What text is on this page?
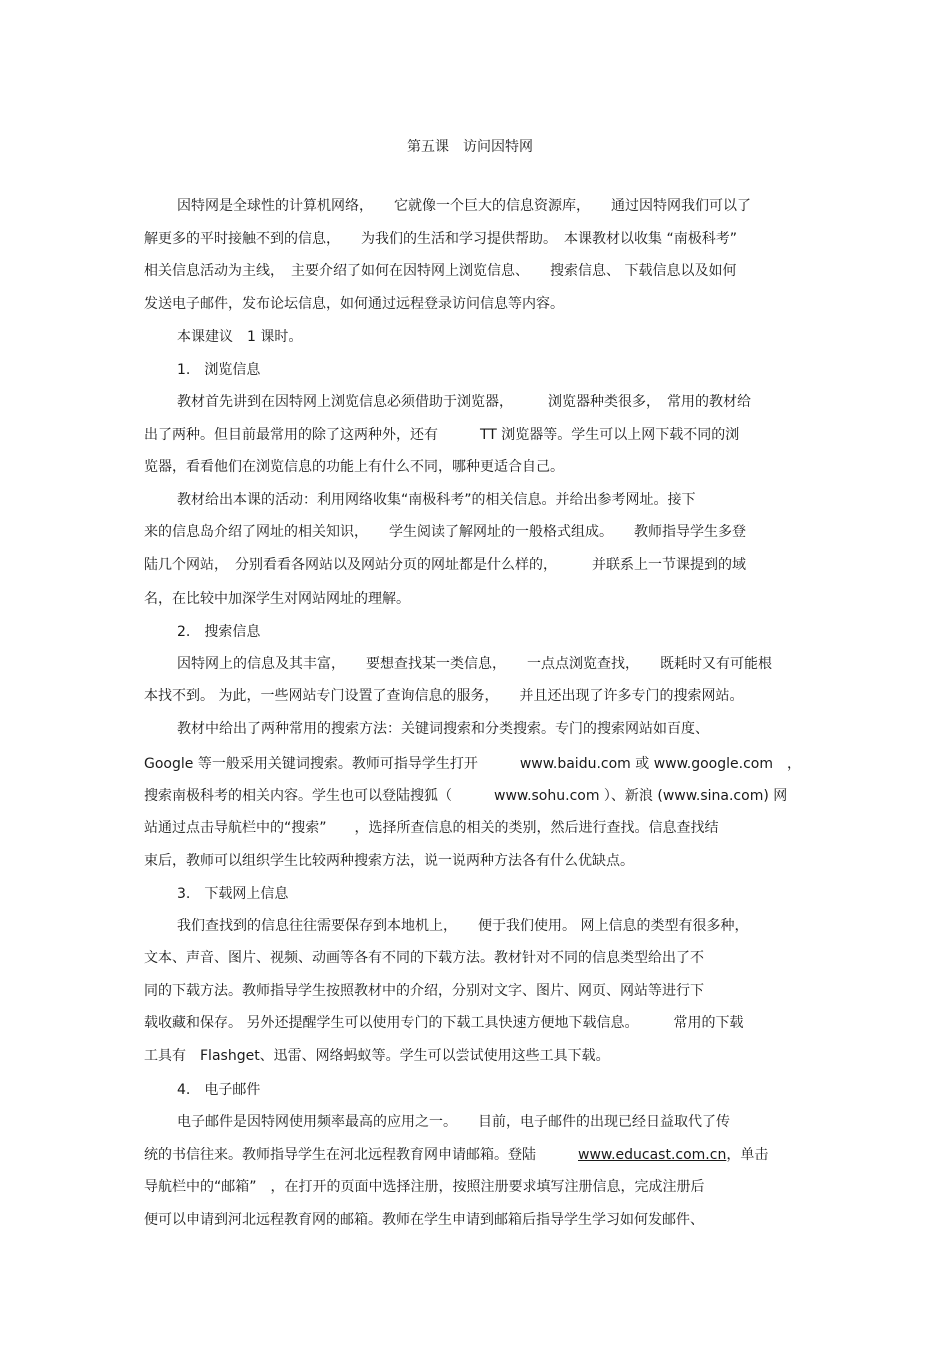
第五课　访问因特网
因特网是全球性的计算机网络，　　它就像一个巨大的信息资源库，　　通过因特网我们可以了
解更多的平时接触不到的信息，　　为我们的生活和学习提供帮助。　本课教材以收集 “南极科考”
相关信息活动为主线，　主要介绍了如何在因特网上浏览信息、　　搜索信息、 下载信息以及如何
发送电子邮件，发布论坛信息，如何通过远程登录访问信息等内容。
本课建议　1 课时。
1.　浏览信息
教材首先讲到在因特网上浏览信息必须借助于浏览器，　　　浏览器种类很多，　常用的教材给
出了两种。但目前最常用的除了这两种外，还有　　　TT 浏览器等。学生可以上网下载不同的浏
览器，看看他们在浏览信息的功能上有什么不同，哪种更适合自己。
教材给出本课的活动：利用网络收集“南极科考”的相关信息。并给出参考网址。接下
来的信息岛介绍了网址的相关知识，　　学生阅读了解网址的一般格式组成。　　教师指导学生多登
陆几个网站，　分别看看各网站以及网站分页的网址都是什么样的，　　　并联系上一节课提到的域
名，在比较中加深学生对网站网址的理解。
2.　搜索信息
因特网上的信息及其丰富，　　要想查找某一类信息，　　一点点浏览查找，　　既耗时又有可能根
本找不到。 为此，一些网站专门设置了查询信息的服务，　　并且还出现了许多专门的搜索网站。
教材中给出了两种常用的搜索方法：关键词搜索和分类搜索。专门的搜索网站如百度、
Google 等一般采用关键词搜索。教师可指导学生打开　　　www.baidu.com 或 www.google.com　，
搜索南极科考的相关内容。学生也可以登陆搜狐（　　　www.sohu.com ）、新浪 (www.sina.com) 网
站通过点击导航栏中的“搜索”　　，选择所查信息的相关的类别，然后进行查找。信息查找结
束后，教师可以组织学生比较两种搜索方法，说一说两种方法各有什么优缺点。
3.　下载网上信息
我们查找到的信息往往需要保存到本地机上，　　便于我们使用。 网上信息的类型有很多种，
文本、声音、图片、视频、动画等各有不同的下载方法。教材针对不同的信息类型给出了不
同的下载方法。教师指导学生按照教材中的介绍，分别对文字、图片、网页、网站等进行下
载收藏和保存。 另外还提醒学生可以使用专门的下载工具快速方便地下载信息。　　　常用的下载
工具有　Flashget、迅雷、网络蚂蚁等。学生可以尝试使用这些工具下载。
4.　电子邮件
电子邮件是因特网使用频率最高的应用之一。　　目前，电子邮件的出现已经日益取代了传
统的书信往来。教师指导学生在河北远程教育网申请邮箱。登陆　　　www.educast.com.cn，单击
导航栏中的“邮箱”　，在打开的页面中选择注册，按照注册要求填写注册信息，完成注册后
便可以申请到河北远程教育网的邮箱。教师在学生申请到邮箱后指导学生学习如何发邮件、
